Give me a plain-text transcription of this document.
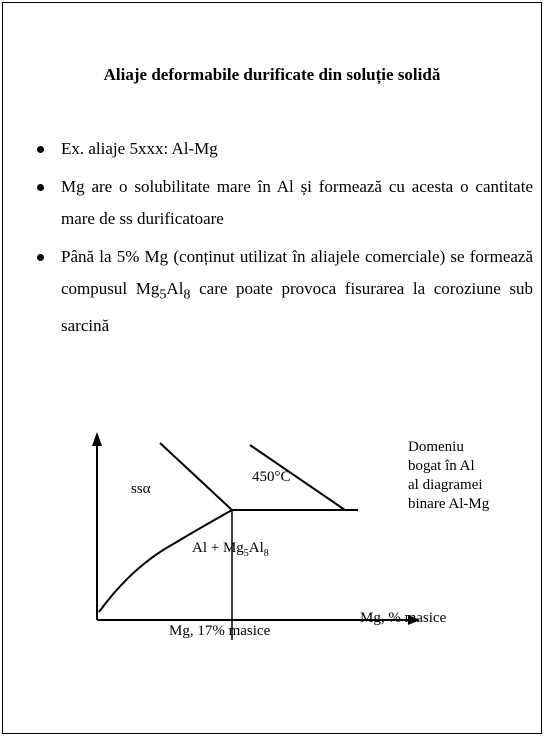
Aliaje deformabile durificate din soluție solidă
Ex. aliaje 5xxx: Al-Mg
Mg are o solubilitate mare în Al și formează cu acesta o cantitate mare de ss durificatoare
Până la 5% Mg (conținut utilizat în aliajele comerciale) se formează compusul $Mg_5Al_8$ care poate provoca fisurarea la coroziune sub sarcină
ssα
450°C
$Al + Mg_5Al_8$
Mg, 17% masice
Mg, % masice
Domeniu
bogat în Al
al diagramei
binare Al-Mg
